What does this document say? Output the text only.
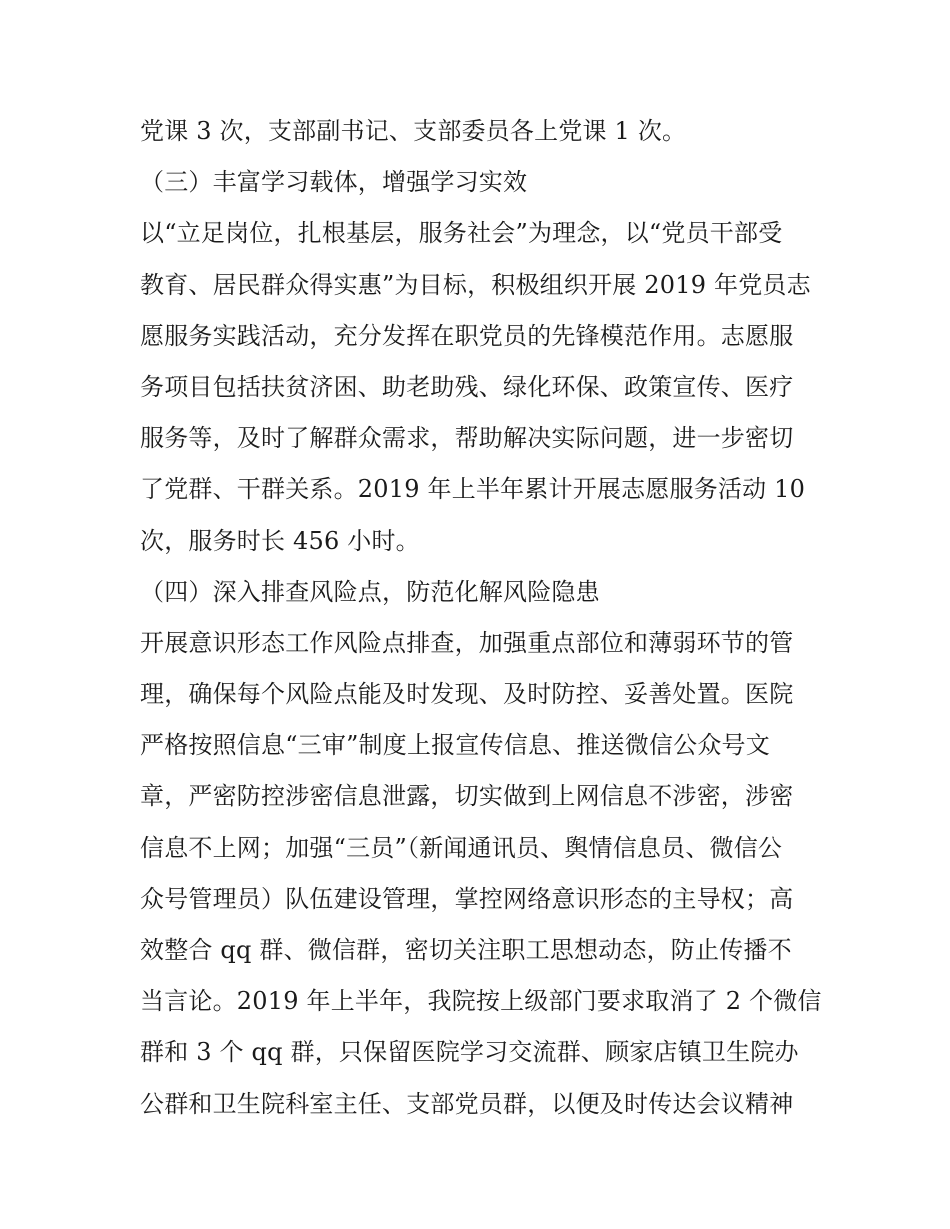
党课 3 次，支部副书记、支部委员各上党课 1 次。
（三）丰富学习载体，增强学习实效
以“立足岗位，扎根基层，服务社会”为理念，以“党员干部受
教育、居民群众得实惠”为目标，积极组织开展 2019 年党员志
愿服务实践活动，充分发挥在职党员的先锋模范作用。志愿服
务项目包括扶贫济困、助老助残、绿化环保、政策宣传、医疗
服务等，及时了解群众需求，帮助解决实际问题，进一步密切
了党群、干群关系。2019 年上半年累计开展志愿服务活动 10
次，服务时长 456 小时。
（四）深入排查风险点，防范化解风险隐患
开展意识形态工作风险点排查，加强重点部位和薄弱环节的管
理，确保每个风险点能及时发现、及时防控、妥善处置。医院
严格按照信息“三审”制度上报宣传信息、推送微信公众号文
章，严密防控涉密信息泄露，切实做到上网信息不涉密，涉密
信息不上网；加强“三员”（新闻通讯员、舆情信息员、微信公
众号管理员）队伍建设管理，掌控网络意识形态的主导权；高
效整合 qq 群、微信群，密切关注职工思想动态，防止传播不
当言论。2019 年上半年，我院按上级部门要求取消了 2 个微信
群和 3 个 qq 群，只保留医院学习交流群、顾家店镇卫生院办
公群和卫生院科室主任、支部党员群，以便及时传达会议精神
